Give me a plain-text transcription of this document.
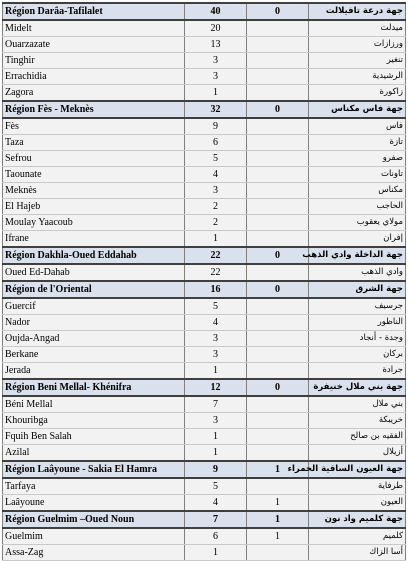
Région Darâa-Tafilalet	40	0	جهة درعة تافيلالت
Midelt	20		ميدلت
Ouarzazate	13		ورزازات
Tinghir	3		تنغير
Errachidia	3		الرشيدية
Zagora	1		زاكورة
Région Fès - Meknès	32	0	جهة فاس مكناس
Fès	9		فاس
Taza	6		تازة
Sefrou	5		صفرو
Taounate	4		تاونات
Meknès	3		مكناس
El Hajeb	2		الحاجب
Moulay Yaacoub	2		مولاي يعقوب
Ifrane	1		إفران
Région Dakhla-Oued Eddahab	22	0	جهة الداخلة وادي الذهب
Oued Ed-Dahab	22		وادي الذهب
Région de l'Oriental	16	0	جهة الشرق
Guercif	5		جرسيف
Nador	4		الناظور
Oujda-Angad	3		وجدة - أنجاد
Berkane	3		بركان
Jerada	1		جرادة
Région Beni Mellal- Khénifra	12	0	جهة بني ملال خنيفرة
Béni Mellal	7		بني ملال
Khouribga	3		خريبكة
Fquih Ben Salah	1		الفقيه بن صالح
Azilal	1		أزيلال
Région Laâyoune - Sakia El Hamra	9	1	جهة العيون الساقية الحمراء
Tarfaya	5		طرفاية
Laâyoune	4	1	العيون
Région Guelmim –Oued Noun	7	1	جهة كلميم واد نون
Guelmim	6	1	كلميم
Assa-Zag	1		أسا الزاك
